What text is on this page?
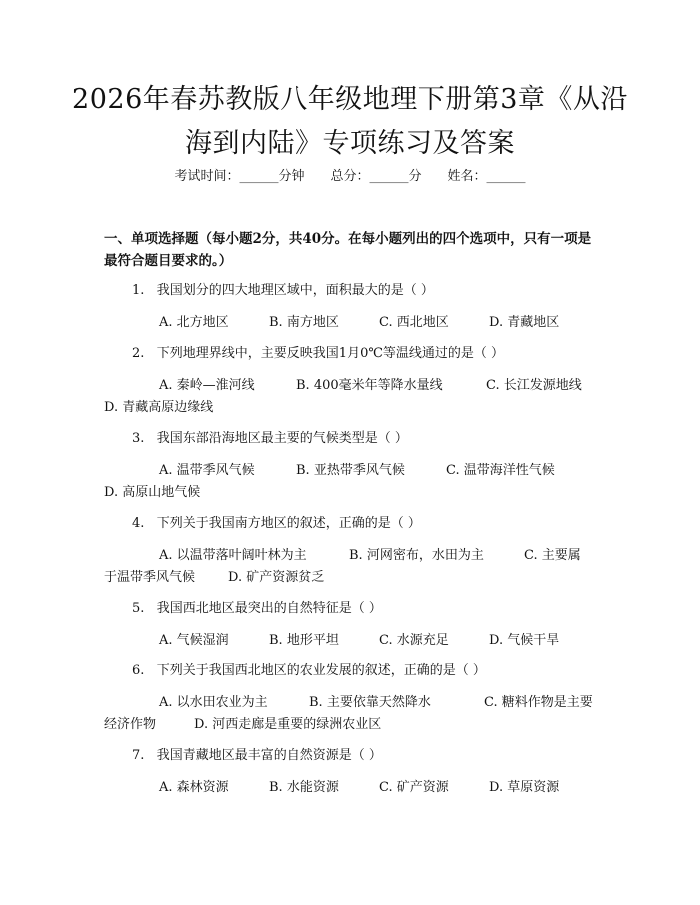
2026年春苏教版八年级地理下册第3章《从沿海到内陆》专项练习及答案
考试时间：______分钟 总分：______分 姓名：______
一、单项选择题（每小题2分，共40分。在每小题列出的四个选项中，只有一项是最符合题目要求的。）
1.   我国划分的四大地理区域中，面积最大的是（ ）
A. 北方地区	B. 南方地区	C. 西北地区	D. 青藏地区
2.   下列地理界线中，主要反映我国1月0℃等温线通过的是（ ）
A. 秦岭—淮河线	B. 400毫米年等降水量线	C. 长江发源地线
D. 青藏高原边缘线
3.   我国东部沿海地区最主要的气候类型是（ ）
A. 温带季风气候	B. 亚热带季风气候	C. 温带海洋性气候
D. 高原山地气候
4.   下列关于我国南方地区的叙述，正确的是（ ）
A. 以温带落叶阔叶林为主	B. 河网密布，水田为主	C. 主要属
于温带季风气候	D. 矿产资源贫乏
5.   我国西北地区最突出的自然特征是（ ）
A. 气候湿润	B. 地形平坦	C. 水源充足	D. 气候干旱
6.   下列关于我国西北地区的农业发展的叙述，正确的是（ ）
A. 以水田农业为主	B. 主要依靠天然降水	C. 糖料作物是主要
经济作物	D. 河西走廊是重要的绿洲农业区
7.   我国青藏地区最丰富的自然资源是（ ）
A. 森林资源	B. 水能资源	C. 矿产资源	D. 草原资源
